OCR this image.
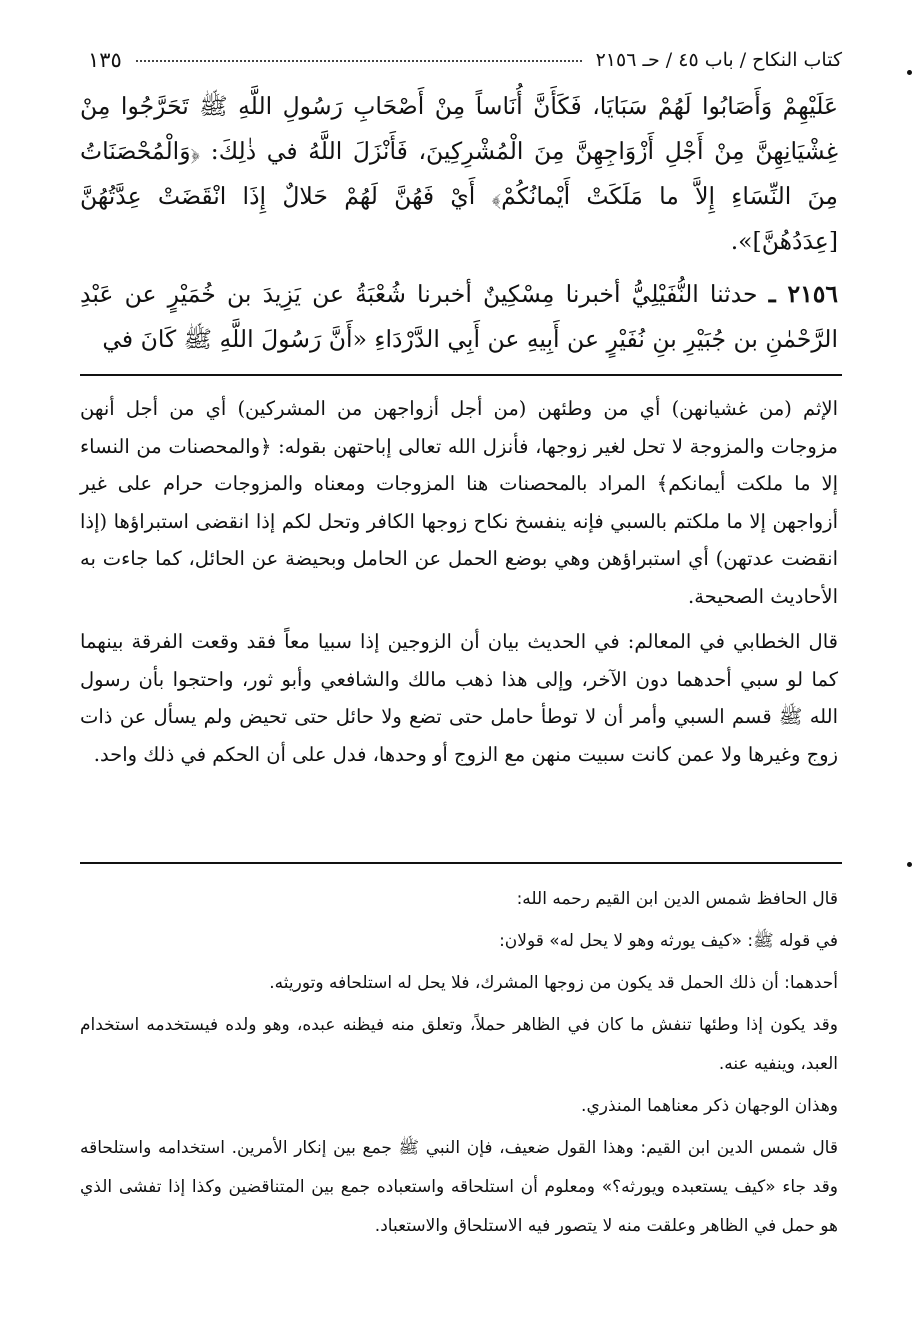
كتاب النكاح / باب ٤٥ / حـ ٢١٥٦
١٣٥

عَلَيْهِمْ وَأَصَابُوا لَهُمْ سَبَايَا، فَكَأَنَّ أُنَاساً مِنْ أَصْحَابِ رَسُولِ اللَّهِ ﷺ تَحَرَّجُوا مِنْ غِشْيَانِهِنَّ مِنْ أَجْلِ أَزْوَاجِهِنَّ مِنَ الْمُشْرِكِينَ، فَأَنْزَلَ اللَّهُ في ذٰلِكَ: ﴿وَالْمُحْصَنَاتُ مِنَ النِّسَاءِ إِلاَّ ما مَلَكَتْ أَيْمانُكُمْ﴾ أَيْ فَهُنَّ لَهُمْ حَلالٌ إِذَا انْقَضَتْ عِدَّتُهُنَّ [عِدَدُهُنَّ]».

٢١٥٦ ـ حدثنا النُّفَيْلِيُّ أخبرنا مِسْكِينٌ أخبرنا شُعْبَةُ عن يَزِيدَ بن خُمَيْرٍ عن عَبْدِ الرَّحْمٰنِ بن جُبَيْرِ بنِ نُفَيْرٍ عن أَبِيهِ عن أَبِي الدَّرْدَاءِ «أَنَّ رَسُولَ اللَّهِ ﷺ كَانَ في

الإثم (من غشيانهن) أي من وطئهن (من أجل أزواجهن من المشركين) أي من أجل أنهن مزوجات والمزوجة لا تحل لغير زوجها، فأنزل الله تعالى إباحتهن بقوله: ﴿والمحصنات من النساء إلا ما ملكت أيمانكم﴾ المراد بالمحصنات هنا المزوجات ومعناه والمزوجات حرام على غير أزواجهن إلا ما ملكتم بالسبي فإنه ينفسخ نكاح زوجها الكافر وتحل لكم إذا انقضى استبراؤها (إذا انقضت عدتهن) أي استبراؤهن وهي بوضع الحمل عن الحامل وبحيضة عن الحائل، كما جاءت به الأحاديث الصحيحة.

قال الخطابي في المعالم: في الحديث بيان أن الزوجين إذا سبيا معاً فقد وقعت الفرقة بينهما كما لو سبي أحدهما دون الآخر، وإلى هذا ذهب مالك والشافعي وأبو ثور، واحتجوا بأن رسول الله ﷺ قسم السبي وأمر أن لا توطأ حامل حتى تضع ولا حائل حتى تحيض ولم يسأل عن ذات زوج وغيرها ولا عمن كانت سبيت منهن مع الزوج أو وحدها، فدل على أن الحكم في ذلك واحد.

قال الحافظ شمس الدين ابن القيم رحمه الله:

في قوله ﷺ: «كيف يورثه وهو لا يحل له» قولان:

أحدهما: أن ذلك الحمل قد يكون من زوجها المشرك، فلا يحل له استلحافه وتوريثه.

وقد يكون إذا وطئها تنفش ما كان في الظاهر حملاً، وتعلق منه فيظنه عبده، وهو ولده فيستخدمه استخدام العبد، وينفيه عنه.

وهذان الوجهان ذكر معناهما المنذري.

قال شمس الدين ابن القيم: وهذا القول ضعيف، فإن النبي ﷺ جمع بين إنكار الأمرين. استخدامه واستلحاقه وقد جاء «كيف يستعبده ويورثه؟» ومعلوم أن استلحاقه واستعباده جمع بين المتناقضين وكذا إذا تفشى الذي هو حمل في الظاهر وعلقت منه لا يتصور فيه الاستلحاق والاستعباد.
